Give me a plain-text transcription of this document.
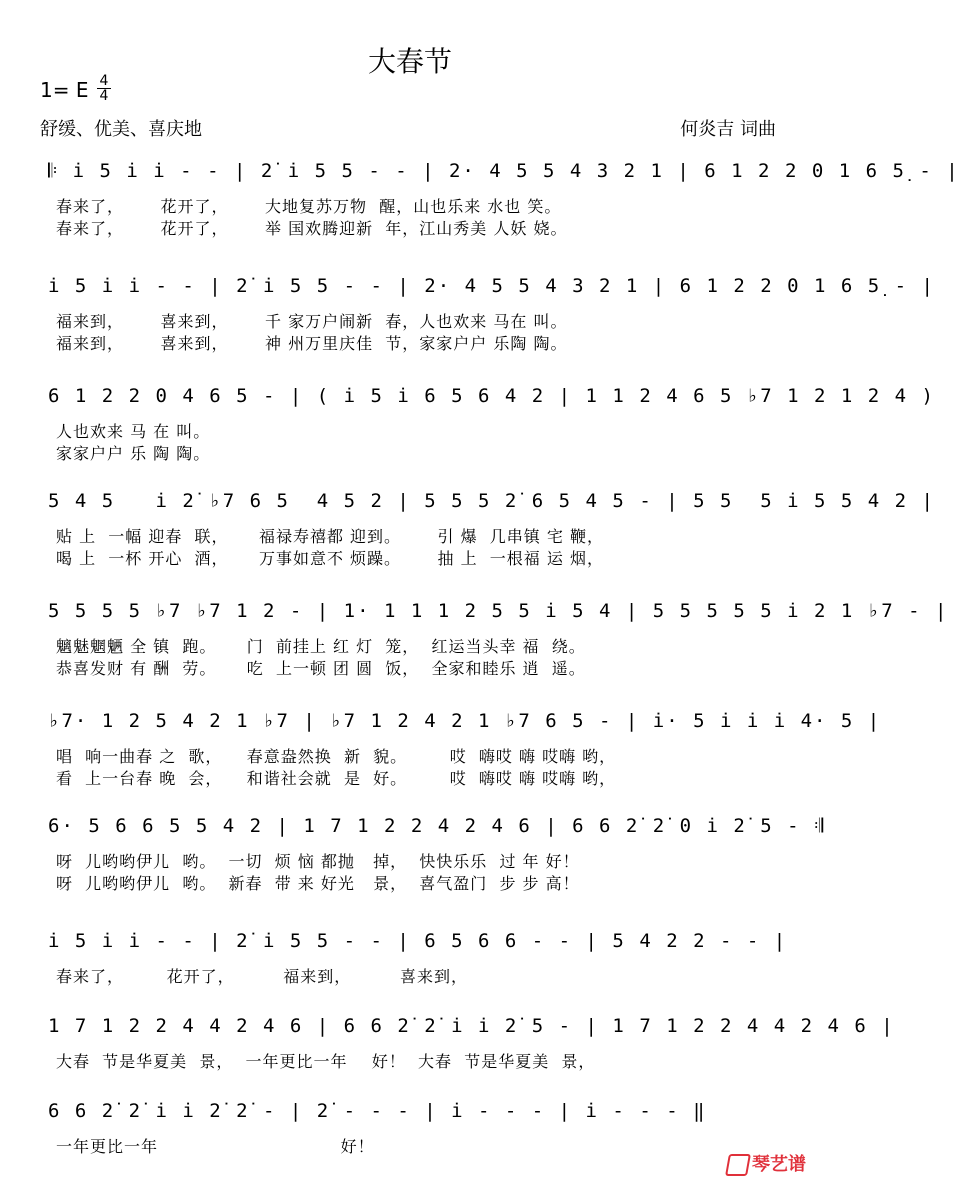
大春节
1= E 4
4
舒缓、优美、喜庆地	何炎吉 词曲
𝄆 i̇ 5 i̇ i̇ - - | 2̇ i̇ 5 5 - - | 2· 4 5 5 4 3 2 1 | 6 1 2 2 0 1 6 5̣ - |
春来了，      花开了，      大地复苏万物  醒，山也乐来 水也 笑。
春来了，      花开了，      举 国欢腾迎新  年，江山秀美 人妖 娆。
i̇ 5 i̇ i̇ - - | 2̇ i̇ 5 5 - - | 2· 4 5 5 4 3 2 1 | 6 1 2 2 0 1 6 5̣ - |
福来到，      喜来到，      千 家万户闹新  春，人也欢来 马在 叫。
福来到，      喜来到，      神 州万里庆佳  节，家家户户 乐陶 陶。
6 1 2 2 0 4 6 5 - | ( i̇ 5 i̇ 6 5 6 4 2 | 1 1 2 4 6 5 ♭7 1 2 1 2 4 )
人也欢来 马 在 叫。
家家户户 乐 陶 陶。
5 4 5   i̇ 2̇ ♭7 6 5  4 5 2 | 5 5 5 2̇ 6 5 4 5 - | 5 5  5 i̇ 5 5 4 2 |
贴 上  一幅 迎春  联，     福禄寿禧都 迎到。      引 爆  几串镇 宅 鞭，
喝 上  一杯 开心  酒，     万事如意不 烦躁。      抽 上  一根福 运 烟，
5 5 5 5 ♭7 ♭7 1 2 - | 1· 1 1 1 2 5 5 i̇ 5 4 | 5 5 5 5 5 i̇ 2 1 ♭7 - |
魑魅魍魉 全 镇  跑。     门  前挂上 红 灯  笼，  红运当头幸 福  绕。
恭喜发财 有 酬  劳。     吃  上一顿 团 圆  饭，  全家和睦乐 逍  遥。
♭7· 1 2 5 4 2 1 ♭7 | ♭7 1 2 4 2 1 ♭7 6 5 - | i̇· 5 i̇ i̇ i̇ 4· 5 |
唱  响一曲春 之  歌，    春意盎然换  新  貌。       哎  嗨哎 嗨 哎嗨 哟，
看  上一台春 晚  会，    和谐社会就  是  好。       哎  嗨哎 嗨 哎嗨 哟，
6· 5 6 6 5 5 4 2 | 1 7 1 2 2 4 2 4 6 | 6 6 2̇ 2̇ 0 i̇ 2̇ 5 - 𝄇
呀  儿哟哟伊儿  哟。  一切  烦 恼 都抛   掉，  快快乐乐  过 年 好！
呀  儿哟哟伊儿  哟。  新春  带 来 好光   景，  喜气盈门  步 步 高！
i̇ 5 i̇ i̇ - - | 2̇ i̇ 5 5 - - | 6 5 6 6 - - | 5 4 2 2 - - |
春来了，       花开了，        福来到，        喜来到，
1 7 1 2 2 4 4 2 4 6 | 6 6 2̇ 2̇ i̇ i̇ 2̇ 5 - | 1 7 1 2 2 4 4 2 4 6 |
大春  节是华夏美  景，  一年更比一年    好！  大春  节是华夏美  景，
6 6 2̇ 2̇ i̇ i̇ 2̇ 2̇ - | 2̇ - - - | i̇ - - - | i̇ - - - ‖
一年更比一年                              好！
琴艺谱
